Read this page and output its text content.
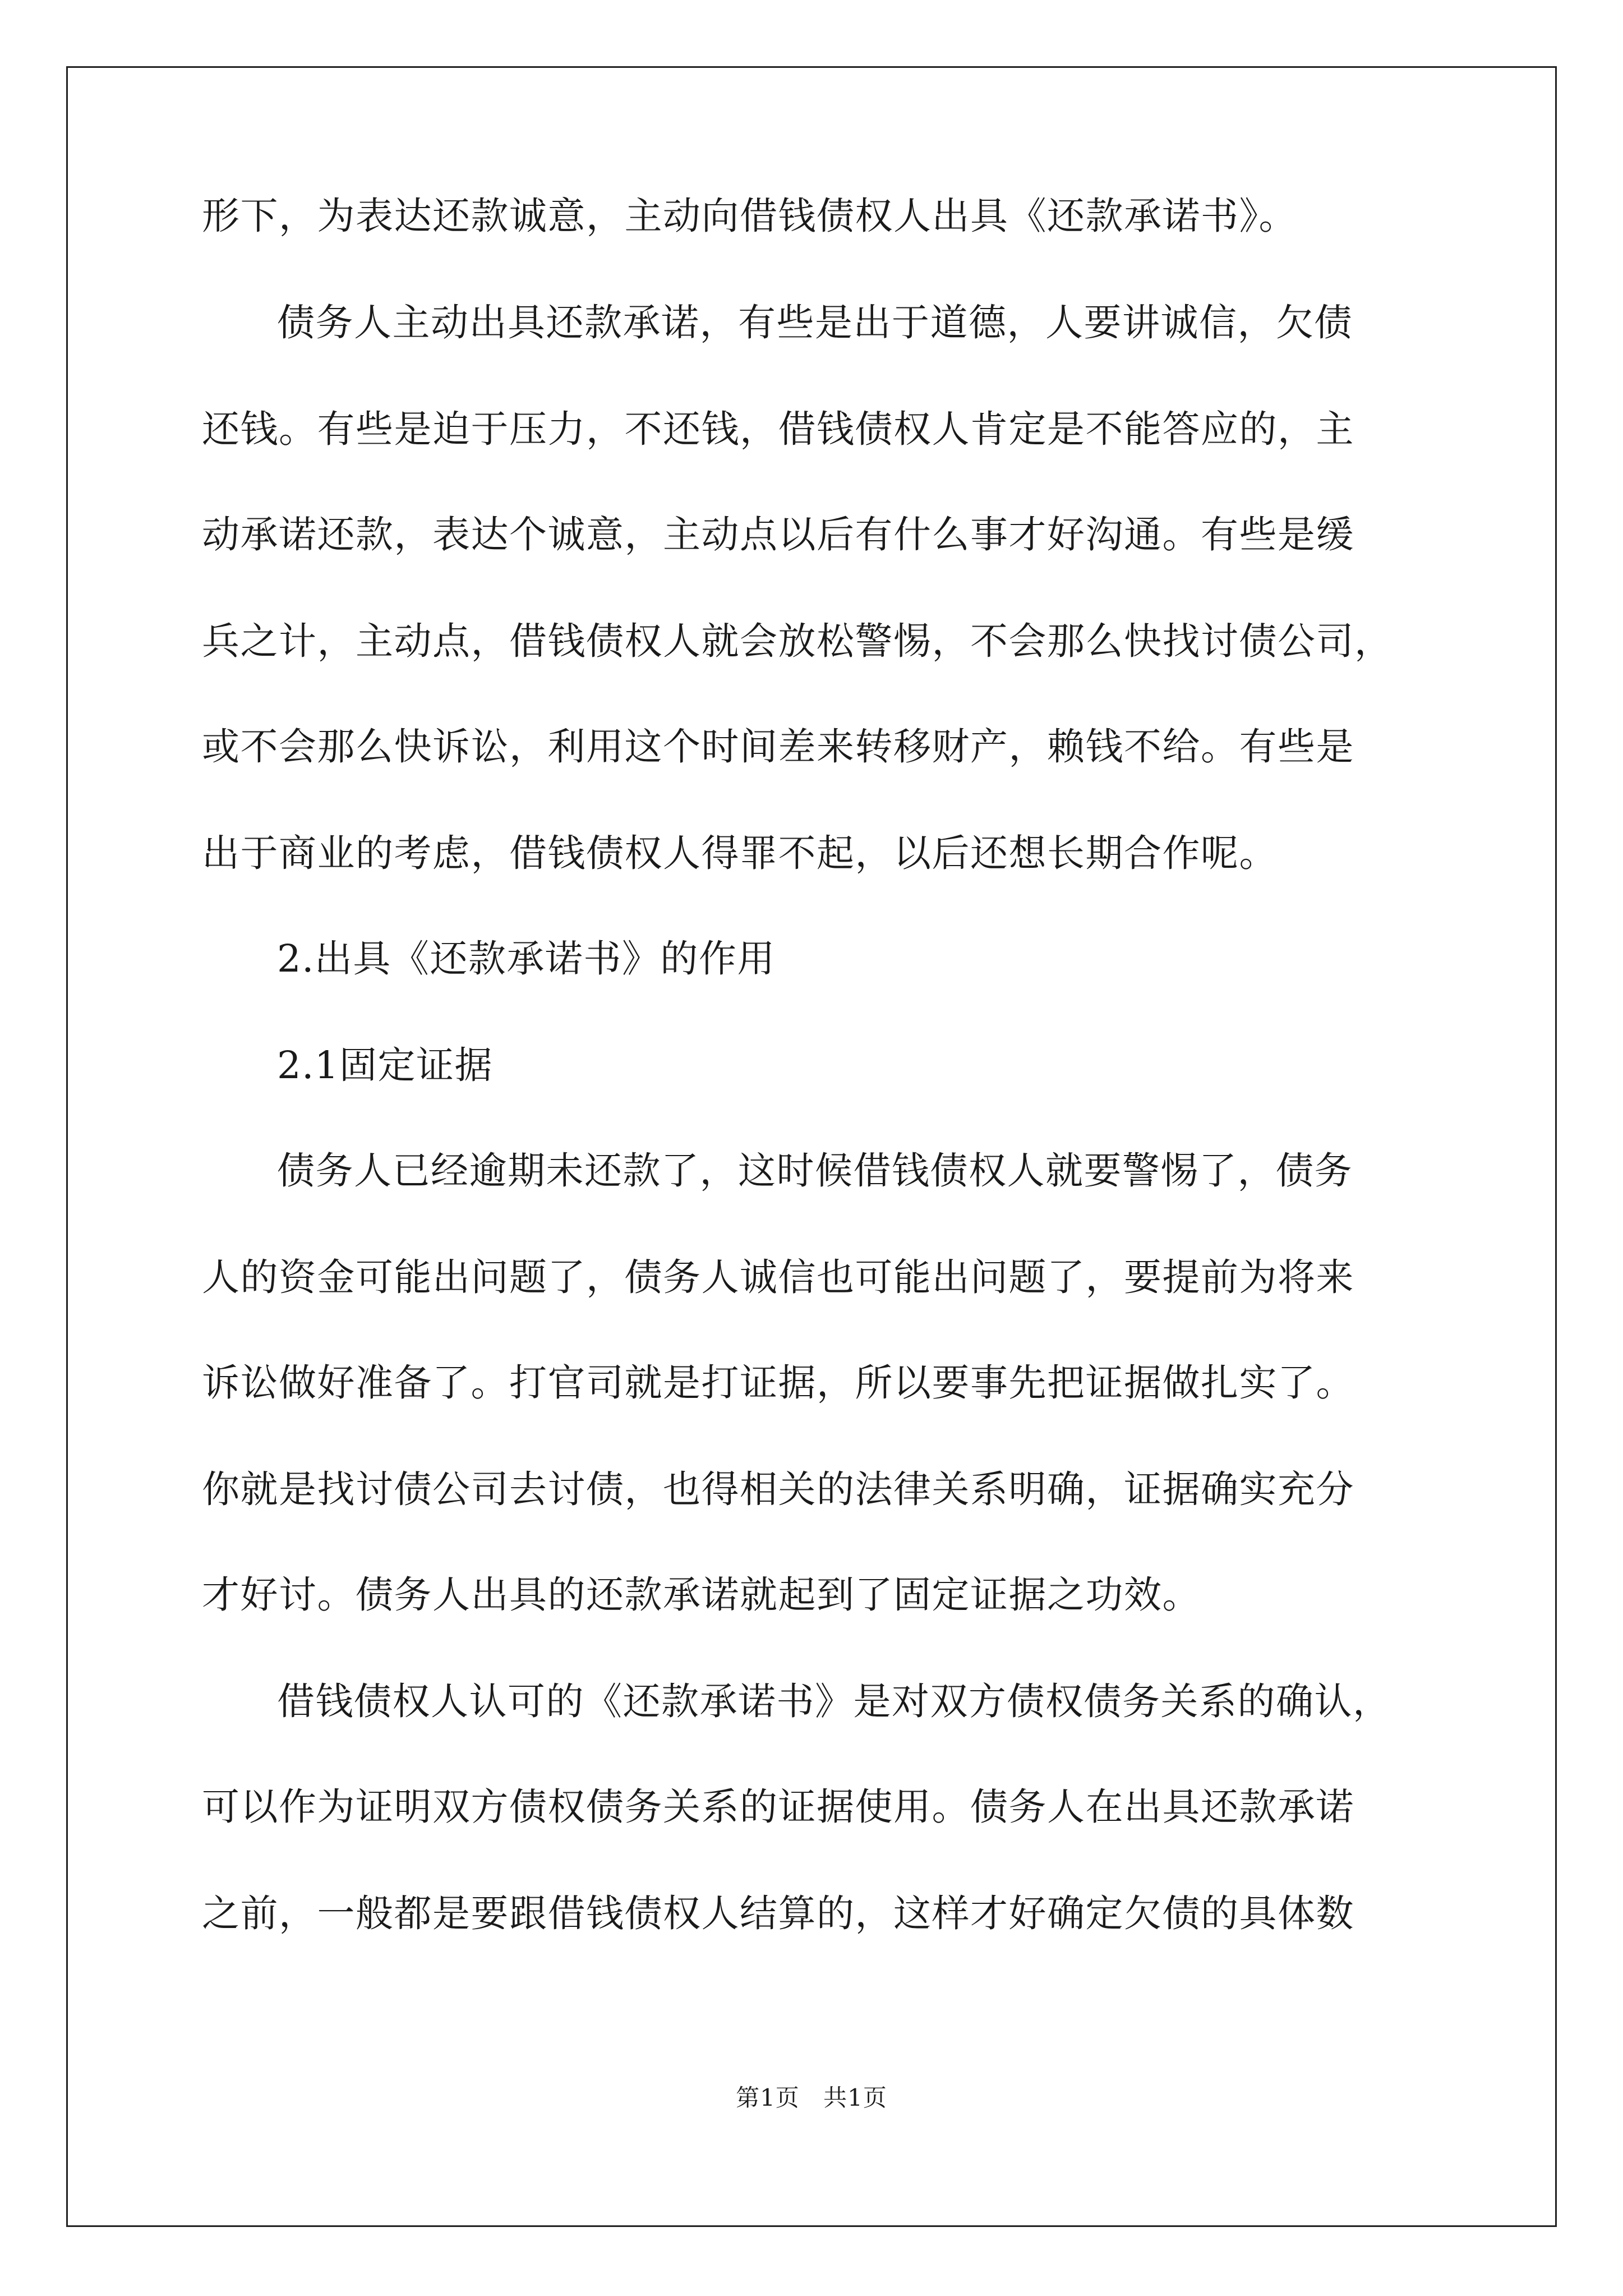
形下，为表达还款诚意，主动向借钱债权人出具《还款承诺书》。
债务人主动出具还款承诺，有些是出于道德，人要讲诚信，欠债
还钱。有些是迫于压力，不还钱，借钱债权人肯定是不能答应的，主
动承诺还款，表达个诚意，主动点以后有什么事才好沟通。有些是缓
兵之计，主动点，借钱债权人就会放松警惕，不会那么快找讨债公司，
或不会那么快诉讼，利用这个时间差来转移财产，赖钱不给。有些是
出于商业的考虑，借钱债权人得罪不起，以后还想长期合作呢。
2.出具《还款承诺书》的作用
2.1固定证据
债务人已经逾期未还款了，这时候借钱债权人就要警惕了，债务
人的资金可能出问题了，债务人诚信也可能出问题了，要提前为将来
诉讼做好准备了。打官司就是打证据，所以要事先把证据做扎实了。
你就是找讨债公司去讨债，也得相关的法律关系明确，证据确实充分
才好讨。债务人出具的还款承诺就起到了固定证据之功效。
借钱债权人认可的《还款承诺书》是对双方债权债务关系的确认，
可以作为证明双方债权债务关系的证据使用。债务人在出具还款承诺
之前，一般都是要跟借钱债权人结算的，这样才好确定欠债的具体数
第1页 共1页
